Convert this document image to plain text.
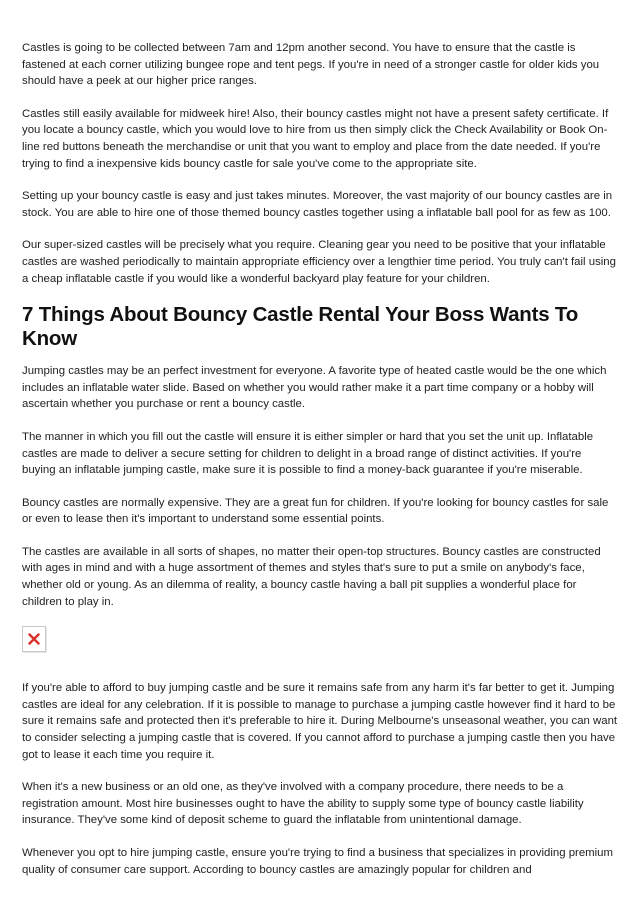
Castles is going to be collected between 7am and 12pm another second. You have to ensure that the castle is fastened at each corner utilizing bungee rope and tent pegs. If you're in need of a stronger castle for older kids you should have a peek at our higher price ranges.

Castles still easily available for midweek hire! Also, their bouncy castles might not have a present safety certificate. If you locate a bouncy castle, which you would love to hire from us then simply click the Check Availability or Book On-line red buttons beneath the merchandise or unit that you want to employ and place from the date needed. If you're trying to find a inexpensive kids bouncy castle for sale you've come to the appropriate site.

Setting up your bouncy castle is easy and just takes minutes. Moreover, the vast majority of our bouncy castles are in stock. You are able to hire one of those themed bouncy castles together using a inflatable ball pool for as few as 100.

Our super-sized castles will be precisely what you require. Cleaning gear you need to be positive that your inflatable castles are washed periodically to maintain appropriate efficiency over a lengthier time period. You truly can't fail using a cheap inflatable castle if you would like a wonderful backyard play feature for your children.

7 Things About Bouncy Castle Rental Your Boss Wants To Know

Jumping castles may be an perfect investment for everyone. A favorite type of heated castle would be the one which includes an inflatable water slide. Based on whether you would rather make it a part time company or a hobby will ascertain whether you purchase or rent a bouncy castle.

The manner in which you fill out the castle will ensure it is either simpler or hard that you set the unit up. Inflatable castles are made to deliver a secure setting for children to delight in a broad range of distinct activities. If you're buying an inflatable jumping castle, make sure it is possible to find a money-back guarantee if you're miserable.

Bouncy castles are normally expensive. They are a great fun for children. If you're looking for bouncy castles for sale or even to lease then it's important to understand some essential points.

The castles are available in all sorts of shapes, no matter their open-top structures. Bouncy castles are constructed with ages in mind and with a huge assortment of themes and styles that's sure to put a smile on anybody's face, whether old or young. As an dilemma of reality, a bouncy castle having a ball pit supplies a wonderful place for children to play in.

If you're able to afford to buy jumping castle and be sure it remains safe from any harm it's far better to get it. Jumping castles are ideal for any celebration. If it is possible to manage to purchase a jumping castle however find it hard to be sure it remains safe and protected then it's preferable to hire it. During Melbourne's unseasonal weather, you can want to consider selecting a jumping castle that is covered. If you cannot afford to purchase a jumping castle then you have got to lease it each time you require it.

When it's a new business or an old one, as they've involved with a company procedure, there needs to be a registration amount. Most hire businesses ought to have the ability to supply some type of bouncy castle liability insurance. They've some kind of deposit scheme to guard the inflatable from unintentional damage.

Whenever you opt to hire jumping castle, ensure you're trying to find a business that specializes in providing premium quality of consumer care support. According to bouncy castles are amazingly popular for children and
